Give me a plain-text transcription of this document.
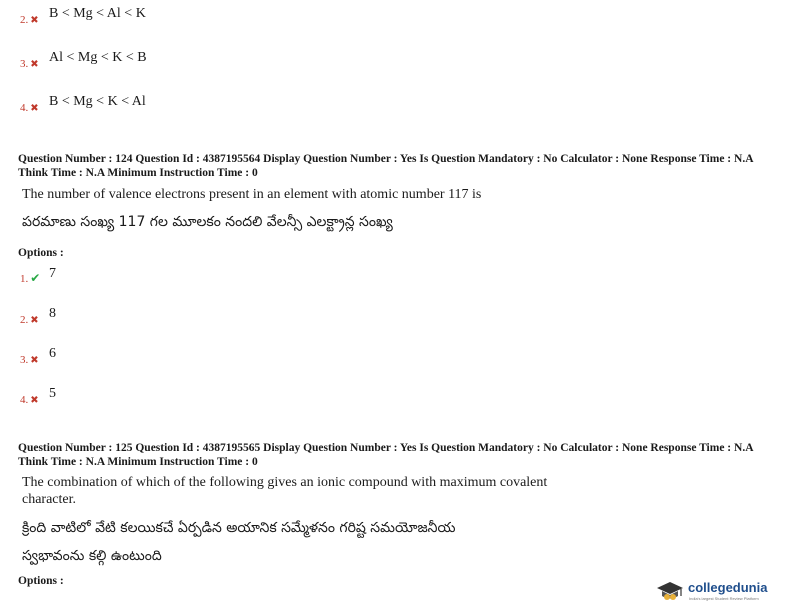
2. ✖ B < Mg < Al < K
3. ✖ Al < Mg < K < B
4. ✖ B < Mg < K < Al
Question Number : 124 Question Id : 4387195564 Display Question Number : Yes Is Question Mandatory : No Calculator : None Response Time : N.A Think Time : N.A Minimum Instruction Time : 0
The number of valence electrons present in an element with atomic number 117 is
పరమాణు సంఖ్య 117 గల మూలకం నందలి వేలన్సీ ఎలక్ట్రాన్ల సంఖ్య
Options :
1. ✔ 7
2. ✖ 8
3. ✖ 6
4. ✖ 5
Question Number : 125 Question Id : 4387195565 Display Question Number : Yes Is Question Mandatory : No Calculator : None Response Time : N.A Think Time : N.A Minimum Instruction Time : 0
The combination of which of the following gives an ionic compound with maximum covalent character.
క్రింది వాటిలో వేటి కలయికచే ఏర్పడిన అయానిక సమ్మేళనం గరిష్ట సమయోజనీయ
స్వభావంను కల్గి ఉంటుంది
Options :	collegedunia
India's largest Student Review Platform
